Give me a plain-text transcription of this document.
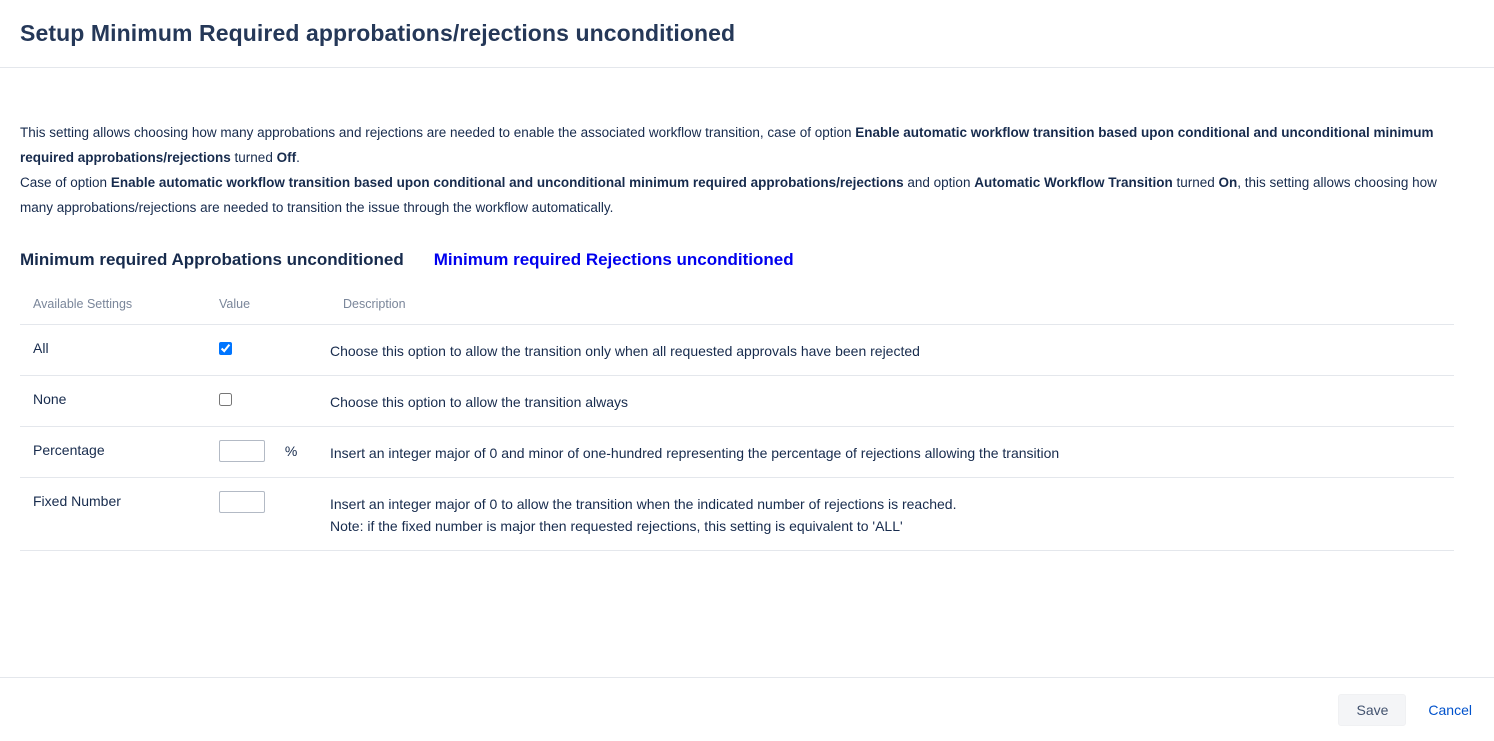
Setup Minimum Required approbations/rejections unconditioned

This setting allows choosing how many approbations and rejections are needed to enable the associated workflow transition, case of option Enable automatic workflow transition based upon conditional and unconditional minimum required approbations/rejections turned Off.

Case of option Enable automatic workflow transition based upon conditional and unconditional minimum required approbations/rejections and option Automatic Workflow Transition turned On, this setting allows choosing how many approbations/rejections are needed to transition the issue through the workflow automatically.

Minimum required Approbations unconditioned Minimum required Rejections unconditioned
Available Settings	Value	Description
All		Choose this option to allow the transition only when all requested approvals have been rejected

None		Choose this option to allow the transition always

Percentage	%	Insert an integer major of 0 and minor of one-hundred representing the percentage of rejections allowing the transition

Fixed Number		Insert an integer major of 0 to allow the transition when the indicated number of rejections is reached.
Note: if the fixed number is major then requested rejections, this setting is equivalent to 'ALL'
Save	Cancel
